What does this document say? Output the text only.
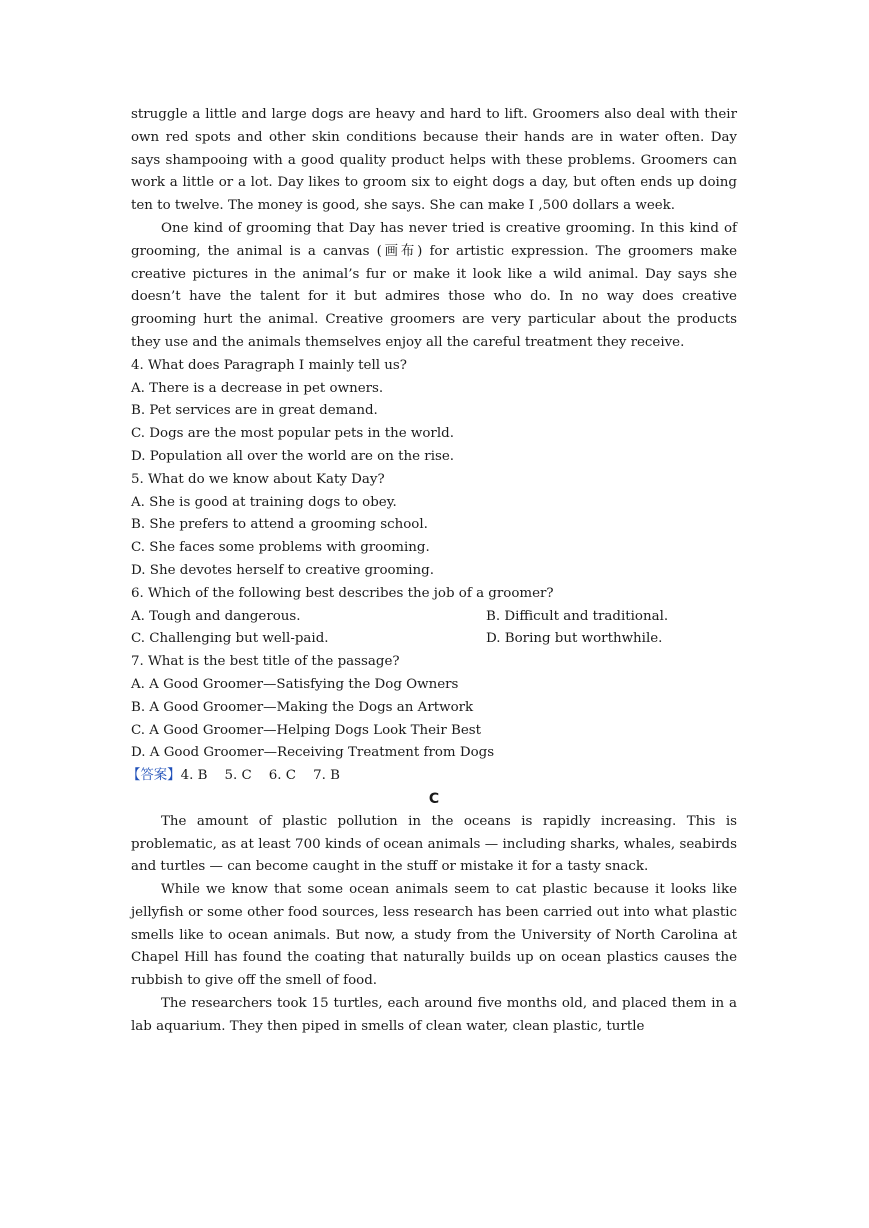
struggle a little and large dogs are heavy and hard to lift. Groomers also deal with their own red spots and other skin conditions because their hands are in water often. Day says shampooing with a good quality product helps with these problems. Groomers can work a little or a lot. Day likes to groom six to eight dogs a day, but often ends up doing ten to twelve. The money is good, she says. She can make I ,500 dollars a week.

One kind of grooming that Day has never tried is creative grooming. In this kind of grooming, the animal is a canvas (画布) for artistic expression. The groomers make creative pictures in the animal’s fur or make it look like a wild animal. Day says she doesn’t have the talent for it but admires those who do. In no way does creative grooming hurt the animal. Creative groomers are very particular about the products they use and the animals themselves enjoy all the careful treatment they receive.

4. What does Paragraph I mainly tell us?

A. There is a decrease in pet owners.

B. Pet services are in great demand.

C. Dogs are the most popular pets in the world.

D. Population all over the world are on the rise.

5. What do we know about Katy Day?

A. She is good at training dogs to obey.

B. She prefers to attend a grooming school.

C. She faces some problems with grooming.

D. She devotes herself to creative grooming.

6. Which of the following best describes the job of a groomer?

A. Tough and dangerous.	B. Difficult and traditional.
C. Challenging but well-paid.	D. Boring but worthwhile.

7. What is the best title of the passage?

A. A Good Groomer—Satisfying the Dog Owners

B. A Good Groomer—Making the Dogs an Artwork

C. A Good Groomer—Helping Dogs Look Their Best

D. A Good Groomer—Receiving Treatment from Dogs

【答案】4. B    5. C    6. C    7. B

C

The amount of plastic pollution in the oceans is rapidly increasing. This is problematic, as at least 700 kinds of ocean animals — including sharks, whales, seabirds and turtles — can become caught in the stuff or mistake it for a tasty snack.

While we know that some ocean animals seem to cat plastic because it looks like jellyfish or some other food sources, less research has been carried out into what plastic smells like to ocean animals. But now, a study from the University of North Carolina at Chapel Hill has found the coating that naturally builds up on ocean plastics causes the rubbish to give off the smell of food.

The researchers took 15 turtles, each around five months old, and placed them in a lab aquarium. They then piped in smells of clean water, clean plastic, turtle
